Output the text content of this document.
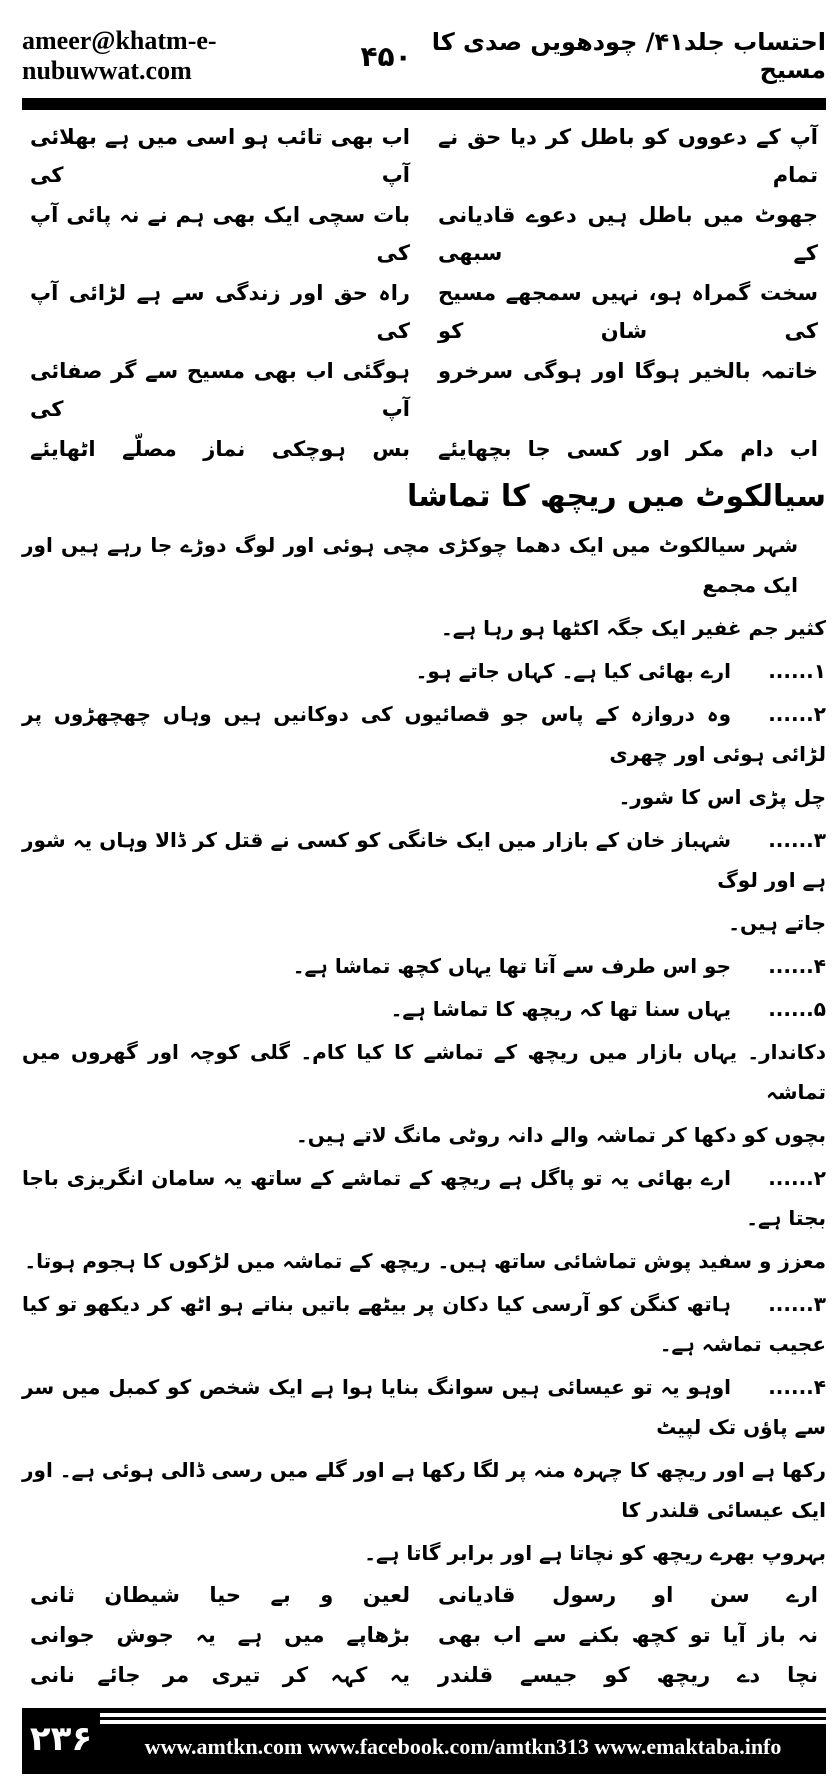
ameer@khatm-e-nubuwwat.com	۴۵۰ احتساب جلد۴۱/ چودھویں صدی کا مسیح
آپ کے دعووں کو باطل کر دیا حق نے تمام
اب بھی تائب ہو اسی میں ہے بھلائی آپ کی
جھوٹ میں باطل ہیں دعوے قادیانی کے سبھی
بات سچی ایک بھی ہم نے نہ پائی آپ کی
سخت گمراہ ہو، نہیں سمجھے مسیح کی شان کو
راہ حق اور زندگی سے ہے لڑائی آپ کی
خاتمہ بالخیر ہوگا اور ہوگی سرخرو
ہوگئی اب بھی مسیح سے گر صفائی آپ کی
اب دام مکر اور کسی جا بچھایئے
بس ہوچکی نماز مصلّے اٹھایئے
سیالکوٹ میں ریچھ کا تماشا
شہر سیالکوٹ میں ایک دھما چوکڑی مچی ہوئی اور لوگ دوڑے جا رہے ہیں اور ایک مجمع
کثیر جم غفیر ایک جگہ اکٹھا ہو رہا ہے۔
۱......ارے بھائی کیا ہے۔ کہاں جاتے ہو۔
۲......وہ دروازہ کے پاس جو قصائیوں کی دوکانیں ہیں وہاں چھچھڑوں پر لڑائی ہوئی اور چھری
چل پڑی اس کا شور۔
۳......شہباز خان کے بازار میں ایک خانگی کو کسی نے قتل کر ڈالا وہاں یہ شور ہے اور لوگ
جاتے ہیں۔
۴......جو اس طرف سے آتا تھا یہاں کچھ تماشا ہے۔
۵......یہاں سنا تھا کہ ریچھ کا تماشا ہے۔
دکاندار۔ یہاں بازار میں ریچھ کے تماشے کا کیا کام۔ گلی کوچہ اور گھروں میں تماشہ
بچوں کو دکھا کر تماشہ والے دانہ روٹی مانگ لاتے ہیں۔
۲......ارے بھائی یہ تو پاگل ہے ریچھ کے تماشے کے ساتھ یہ سامان انگریزی باجا بجتا ہے۔
معزز و سفید پوش تماشائی ساتھ ہیں۔ ریچھ کے تماشہ میں لڑکوں کا ہجوم ہوتا۔
۳......ہاتھ کنگن کو آرسی کیا دکان پر بیٹھے باتیں بناتے ہو اٹھ کر دیکھو تو کیا عجیب تماشہ ہے۔
۴......اوہو یہ تو عیسائی ہیں سوانگ بنایا ہوا ہے ایک شخص کو کمبل میں سر سے پاؤں تک لپیٹ
رکھا ہے اور ریچھ کا چہرہ منہ پر لگا رکھا ہے اور گلے میں رسی ڈالی ہوئی ہے۔ اور ایک عیسائی قلندر کا
بہروپ بھرے ریچھ کو نچاتا ہے اور برابر گاتا ہے۔
ارے سن او رسول قادیانی
لعین و بے حیا شیطان ثانی
نہ باز آیا تو کچھ بکنے سے اب بھی
بڑھاپے میں ہے یہ جوش جوانی
نچا دے ریچھ کو جیسے قلندر
یہ کہہ کر تیری مر جائے نانی
۲۳۶	www.amtkn.com www.facebook.com/amtkn313 www.emaktaba.info
